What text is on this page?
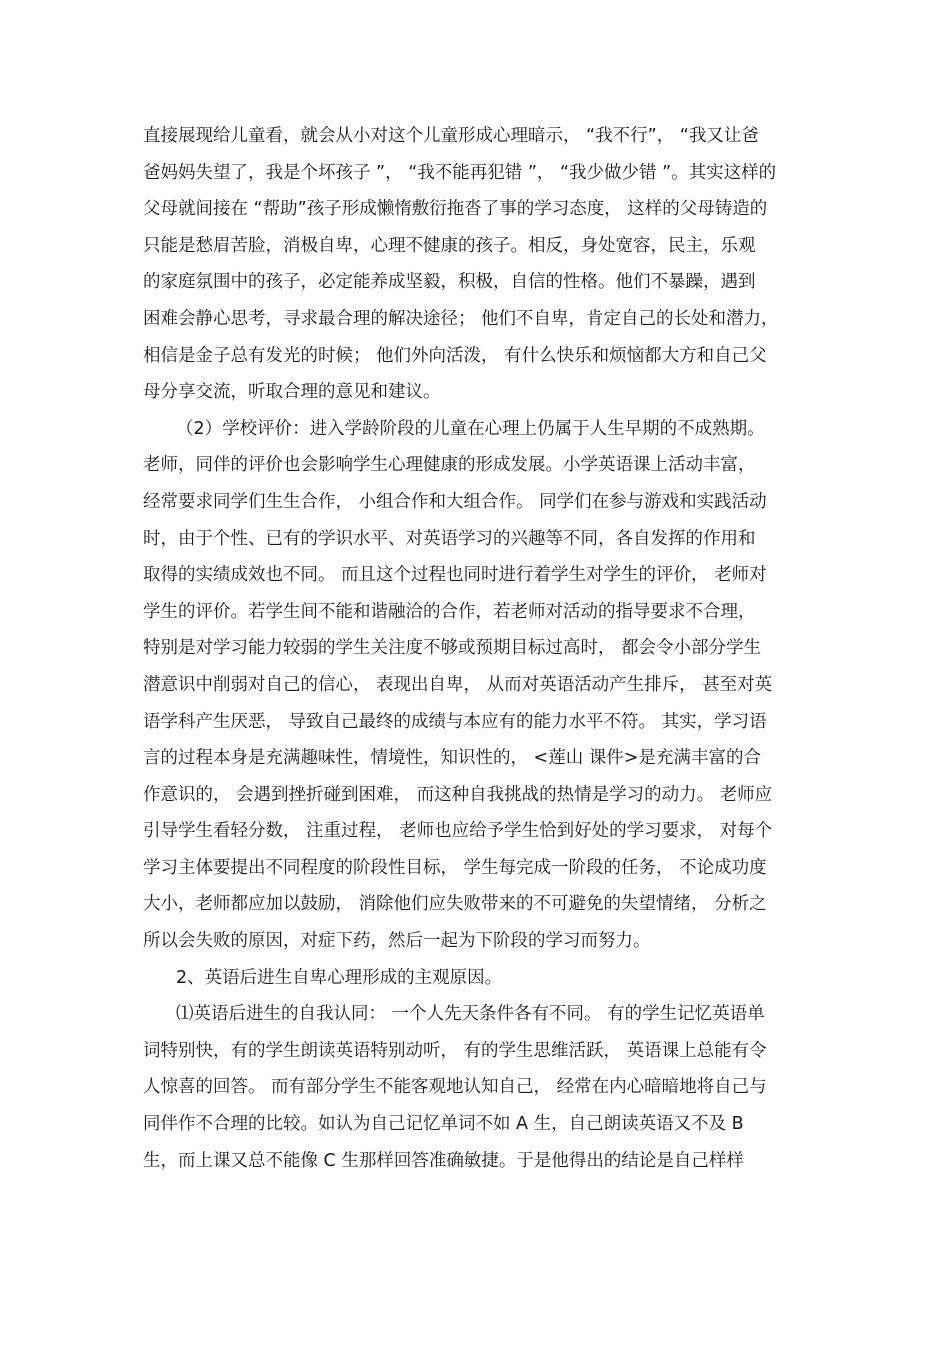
直接展现给儿童看，就会从小对这个儿童形成心理暗示， “我不行”， “我又让爸
爸妈妈失望了，我是个坏孩子 ”， “我不能再犯错 ”， “我少做少错 ”。其实这样的
父母就间接在 “帮助”孩子形成懒惰敷衍拖沓了事的学习态度， 这样的父母铸造的
只能是愁眉苦脸，消极自卑，心理不健康的孩子。相反，身处宽容，民主，乐观
的家庭氛围中的孩子，必定能养成坚毅，积极，自信的性格。他们不暴躁，遇到
困难会静心思考，寻求最合理的解决途径； 他们不自卑，肯定自己的长处和潜力，
相信是金子总有发光的时候； 他们外向活泼， 有什么快乐和烦恼都大方和自己父
母分享交流，听取合理的意见和建议。
（2）学校评价：进入学龄阶段的儿童在心理上仍属于人生早期的不成熟期。
老师，同伴的评价也会影响学生心理健康的形成发展。小学英语课上活动丰富，
经常要求同学们生生合作， 小组合作和大组合作。 同学们在参与游戏和实践活动
时，由于个性、已有的学识水平、对英语学习的兴趣等不同，各自发挥的作用和
取得的实绩成效也不同。 而且这个过程也同时进行着学生对学生的评价， 老师对
学生的评价。若学生间不能和谐融洽的合作，若老师对活动的指导要求不合理，
特别是对学习能力较弱的学生关注度不够或预期目标过高时， 都会令小部分学生
潜意识中削弱对自己的信心， 表现出自卑， 从而对英语活动产生排斥， 甚至对英
语学科产生厌恶， 导致自己最终的成绩与本应有的能力水平不符。 其实，学习语
言的过程本身是充满趣味性，情境性，知识性的， <莲山 课件>是充满丰富的合
作意识的， 会遇到挫折碰到困难， 而这种自我挑战的热情是学习的动力。 老师应
引导学生看轻分数， 注重过程， 老师也应给予学生恰到好处的学习要求， 对每个
学习主体要提出不同程度的阶段性目标， 学生每完成一阶段的任务， 不论成功度
大小，老师都应加以鼓励， 消除他们应失败带来的不可避免的失望情绪， 分析之
所以会失败的原因，对症下药，然后一起为下阶段的学习而努力。
2、英语后进生自卑心理形成的主观原因。
⑴英语后进生的自我认同： 一个人先天条件各有不同。 有的学生记忆英语单
词特别快，有的学生朗读英语特别动听， 有的学生思维活跃， 英语课上总能有令
人惊喜的回答。 而有部分学生不能客观地认知自己， 经常在内心暗暗地将自己与
同伴作不合理的比较。如认为自己记忆单词不如 A 生，自己朗读英语又不及 B
生，而上课又总不能像 C 生那样回答准确敏捷。于是他得出的结论是自己样样
